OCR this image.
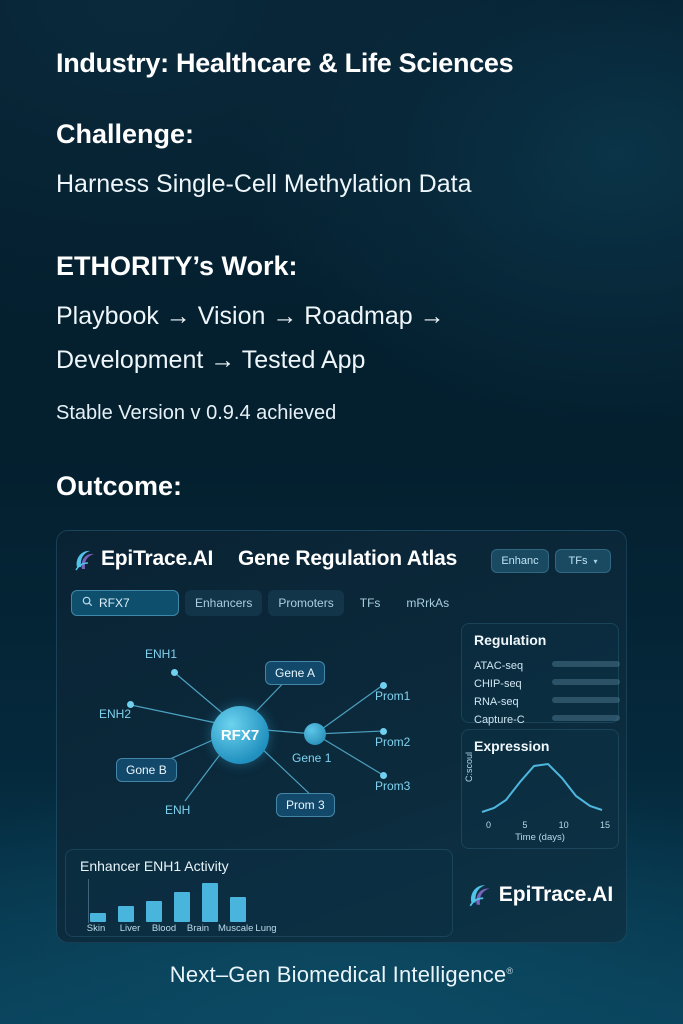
Industry: Healthcare & Life Sciences
Challenge:
Harness Single-Cell Methylation Data
ETHORITY’s Work:
Playbook → Vision → Roadmap →
Development → Tested App
Stable Version v 0.9.4 achieved
Outcome:
EpiTrace.AI Gene Regulation Atlas	Enhanc	TFs ▾
RFX7	Enhancers Promoters TFs mRrkAs
RFX7
ENH1
ENH2
ENH
Gene 1
Prom1
Prom2
Prom3
Gene A
Gone B
Prom 3
Enhancer ENH1 Activity
Skin	Liver	Blood	Brain Muscale Lung
Regulation
ATAC-seq
CHIP-seq
RNA-seq
Capture-C
Expression
C:scoul
0	5	10	15
Time (days)
EpiTrace.AI
Next–Gen Biomedical Intelligence®
